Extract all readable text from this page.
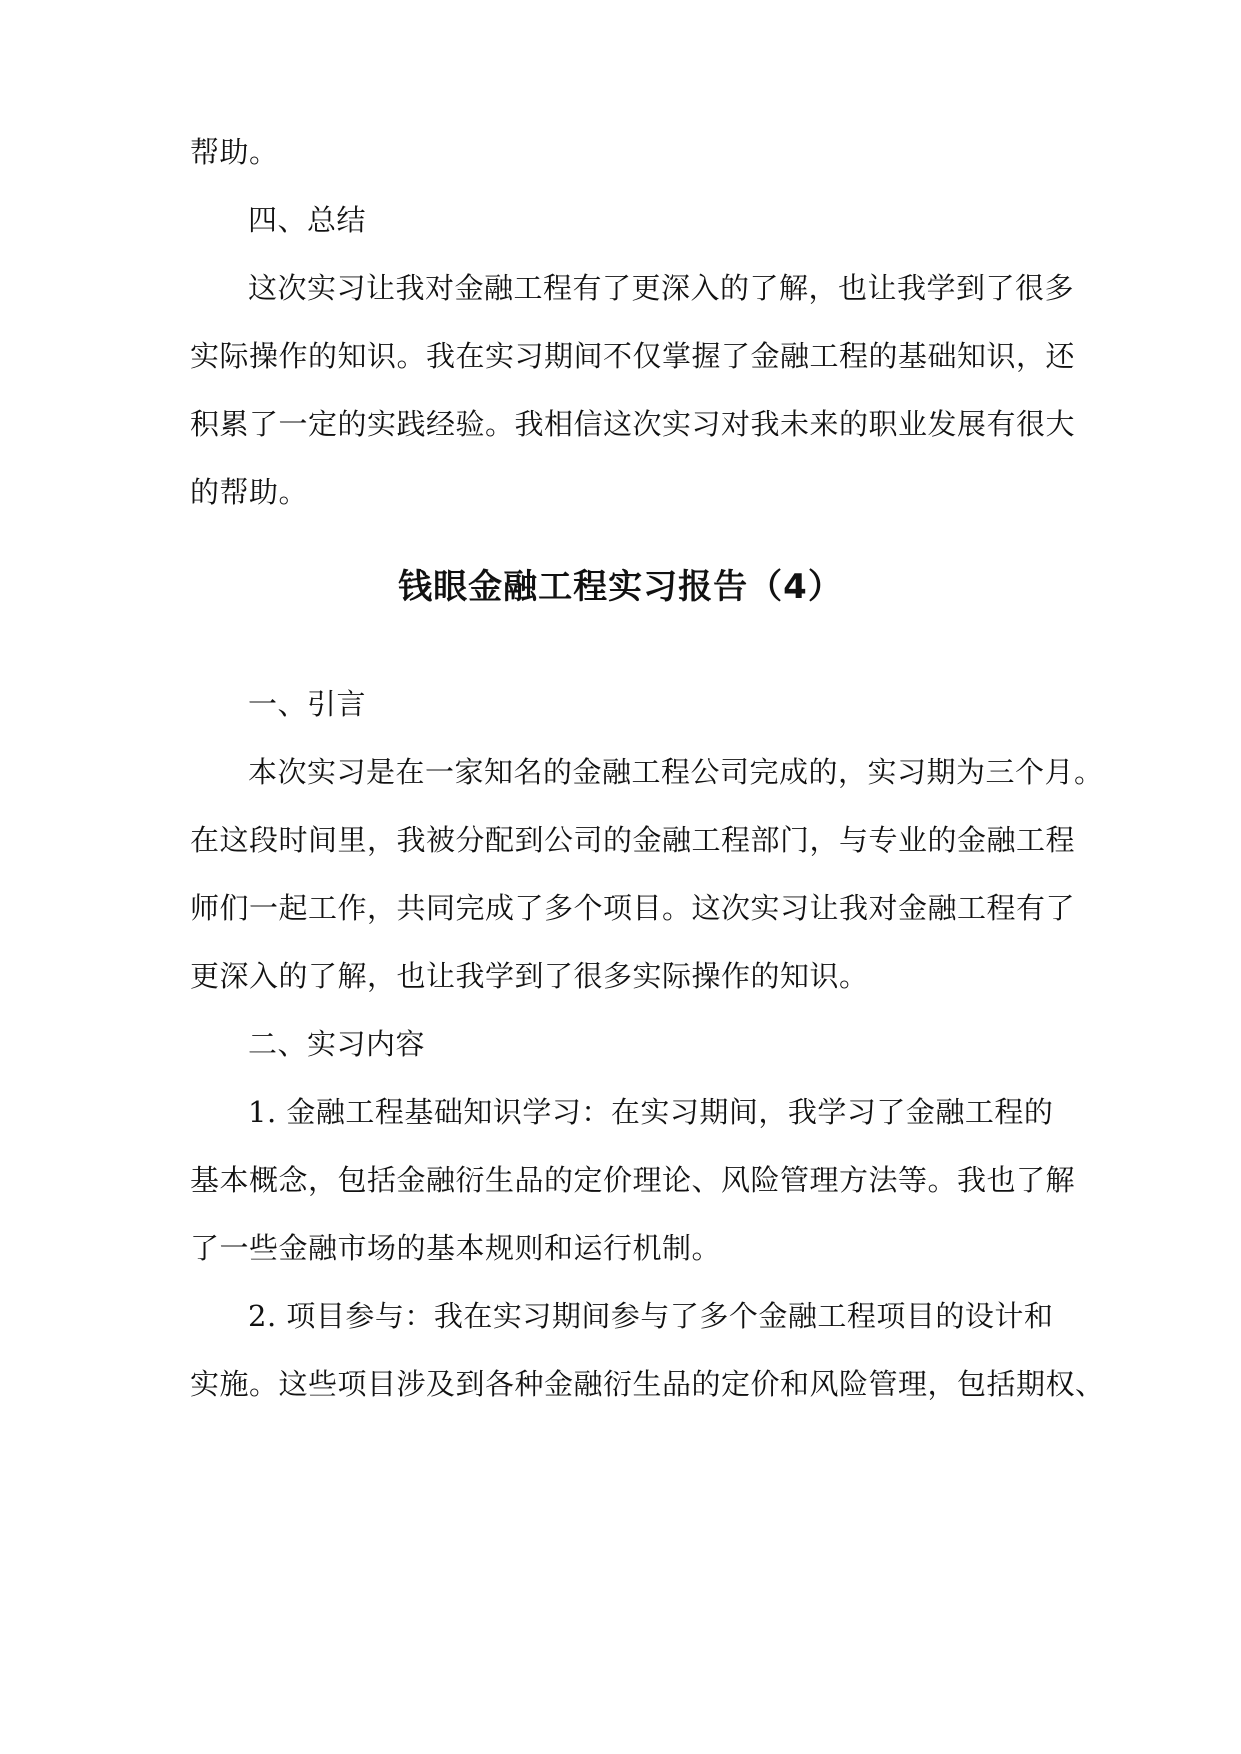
帮助。

四、总结

这次实习让我对金融工程有了更深入的了解，也让我学到了很多

实际操作的知识。我在实习期间不仅掌握了金融工程的基础知识，还

积累了一定的实践经验。我相信这次实习对我未来的职业发展有很大

的帮助。

钱眼金融工程实习报告（4）

一、引言

本次实习是在一家知名的金融工程公司完成的，实习期为三个月。

在这段时间里，我被分配到公司的金融工程部门，与专业的金融工程

师们一起工作，共同完成了多个项目。这次实习让我对金融工程有了

更深入的了解，也让我学到了很多实际操作的知识。

二、实习内容

1. 金融工程基础知识学习：在实习期间，我学习了金融工程的

基本概念，包括金融衍生品的定价理论、风险管理方法等。我也了解

了一些金融市场的基本规则和运行机制。

2. 项目参与：我在实习期间参与了多个金融工程项目的设计和

实施。这些项目涉及到各种金融衍生品的定价和风险管理，包括期权、
